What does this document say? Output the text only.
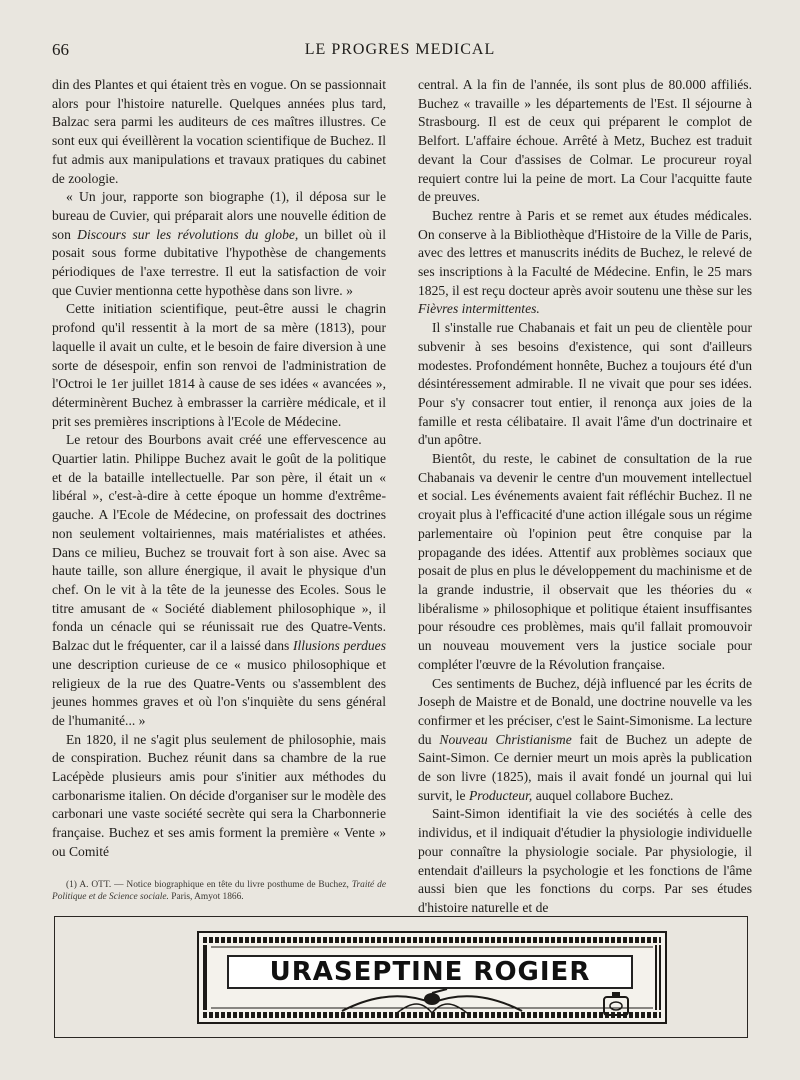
66	LE PROGRES MEDICAL

din des Plantes et qui étaient très en vogue. On se passionnait alors pour l'histoire naturelle. Quelques années plus tard, Balzac sera parmi les auditeurs de ces maîtres illustres. Ce sont eux qui éveillèrent la vocation scientifique de Buchez. Il fut admis aux manipulations et travaux pratiques du cabinet de zoologie.

« Un jour, rapporte son biographe (1), il déposa sur le bureau de Cuvier, qui préparait alors une nouvelle édition de son Discours sur les révolutions du globe, un billet où il posait sous forme dubitative l'hypothèse de changements périodiques de l'axe terrestre. Il eut la satisfaction de voir que Cuvier mentionna cette hypothèse dans son livre. »

Cette initiation scientifique, peut-être aussi le chagrin profond qu'il ressentit à la mort de sa mère (1813), pour laquelle il avait un culte, et le besoin de faire diversion à une sorte de désespoir, enfin son renvoi de l'administration de l'Octroi le 1er juillet 1814 à cause de ses idées « avancées », déterminèrent Buchez à embrasser la carrière médicale, et il prit ses premières inscriptions à l'Ecole de Médecine.

Le retour des Bourbons avait créé une effervescence au Quartier latin. Philippe Buchez avait le goût de la politique et de la bataille intellectuelle. Par son père, il était un « libéral », c'est-à-dire à cette époque un homme d'extrême-gauche. A l'Ecole de Médecine, on professait des doctrines non seulement voltairiennes, mais matérialistes et athées. Dans ce milieu, Buchez se trouvait fort à son aise. Avec sa haute taille, son allure énergique, il avait le physique d'un chef. On le vit à la tête de la jeunesse des Ecoles. Sous le titre amusant de « Société diablement philosophique », il fonda un cénacle qui se réunissait rue des Quatre-Vents. Balzac dut le fréquenter, car il a laissé dans Illusions perdues une description curieuse de ce « musico philosophique et religieux de la rue des Quatre-Vents ou s'assemblent des jeunes hommes graves et où l'on s'inquiète du sens général de l'humanité... »

En 1820, il ne s'agit plus seulement de philosophie, mais de conspiration. Buchez réunit dans sa chambre de la rue Lacépède plusieurs amis pour s'initier aux méthodes du carbonarisme italien. On décide d'organiser sur le modèle des carbonari une vaste société secrète qui sera la Charbonnerie française. Buchez et ses amis forment la première « Vente » ou Comité

central. A la fin de l'année, ils sont plus de 80.000 affiliés. Buchez « travaille » les départements de l'Est. Il séjourne à Strasbourg. Il est de ceux qui préparent le complot de Belfort. L'affaire échoue. Arrêté à Metz, Buchez est traduit devant la Cour d'assises de Colmar. Le procureur royal requiert contre lui la peine de mort. La Cour l'acquitte faute de preuves.

Buchez rentre à Paris et se remet aux études médicales. On conserve à la Bibliothèque d'Histoire de la Ville de Paris, avec des lettres et manuscrits inédits de Buchez, le relevé de ses inscriptions à la Faculté de Médecine. Enfin, le 25 mars 1825, il est reçu docteur après avoir soutenu une thèse sur les Fièvres intermittentes.

Il s'installe rue Chabanais et fait un peu de clientèle pour subvenir à ses besoins d'existence, qui sont d'ailleurs modestes. Profondément honnête, Buchez a toujours été d'un désintéressement admirable. Il ne vivait que pour ses idées. Pour s'y consacrer tout entier, il renonça aux joies de la famille et resta célibataire. Il avait l'âme d'un doctrinaire et d'un apôtre.

Bientôt, du reste, le cabinet de consultation de la rue Chabanais va devenir le centre d'un mouvement intellectuel et social. Les événements avaient fait réfléchir Buchez. Il ne croyait plus à l'efficacité d'une action illégale sous un régime parlementaire où l'opinion peut être conquise par la propagande des idées. Attentif aux problèmes sociaux que posait de plus en plus le développement du machinisme et de la grande industrie, il observait que les théories du « libéralisme » philosophique et politique étaient insuffisantes pour résoudre ces problèmes, mais qu'il fallait promouvoir un nouveau mouvement vers la justice sociale pour compléter l'œuvre de la Révolution française.

Ces sentiments de Buchez, déjà influencé par les écrits de Joseph de Maistre et de Bonald, une doctrine nouvelle va les confirmer et les préciser, c'est le Saint-Simonisme. La lecture du Nouveau Christianisme fait de Buchez un adepte de Saint-Simon. Ce dernier meurt un mois après la publication de son livre (1825), mais il avait fondé un journal qui lui survit, le Producteur, auquel collabore Buchez.

Saint-Simon identifiait la vie des sociétés à celle des individus, et il indiquait d'étudier la physiologie individuelle pour connaître la physiologie sociale. Par physiologie, il entendait d'ailleurs la psychologie et les fonctions de l'âme aussi bien que les fonctions du corps. Par ses études d'histoire naturelle et de

(1) A. OTT. — Notice biographique en tête du livre posthume de Buchez, Traité de Politique et de Science sociale. Paris, Amyot 1866.
URASEPTINE ROGIER
